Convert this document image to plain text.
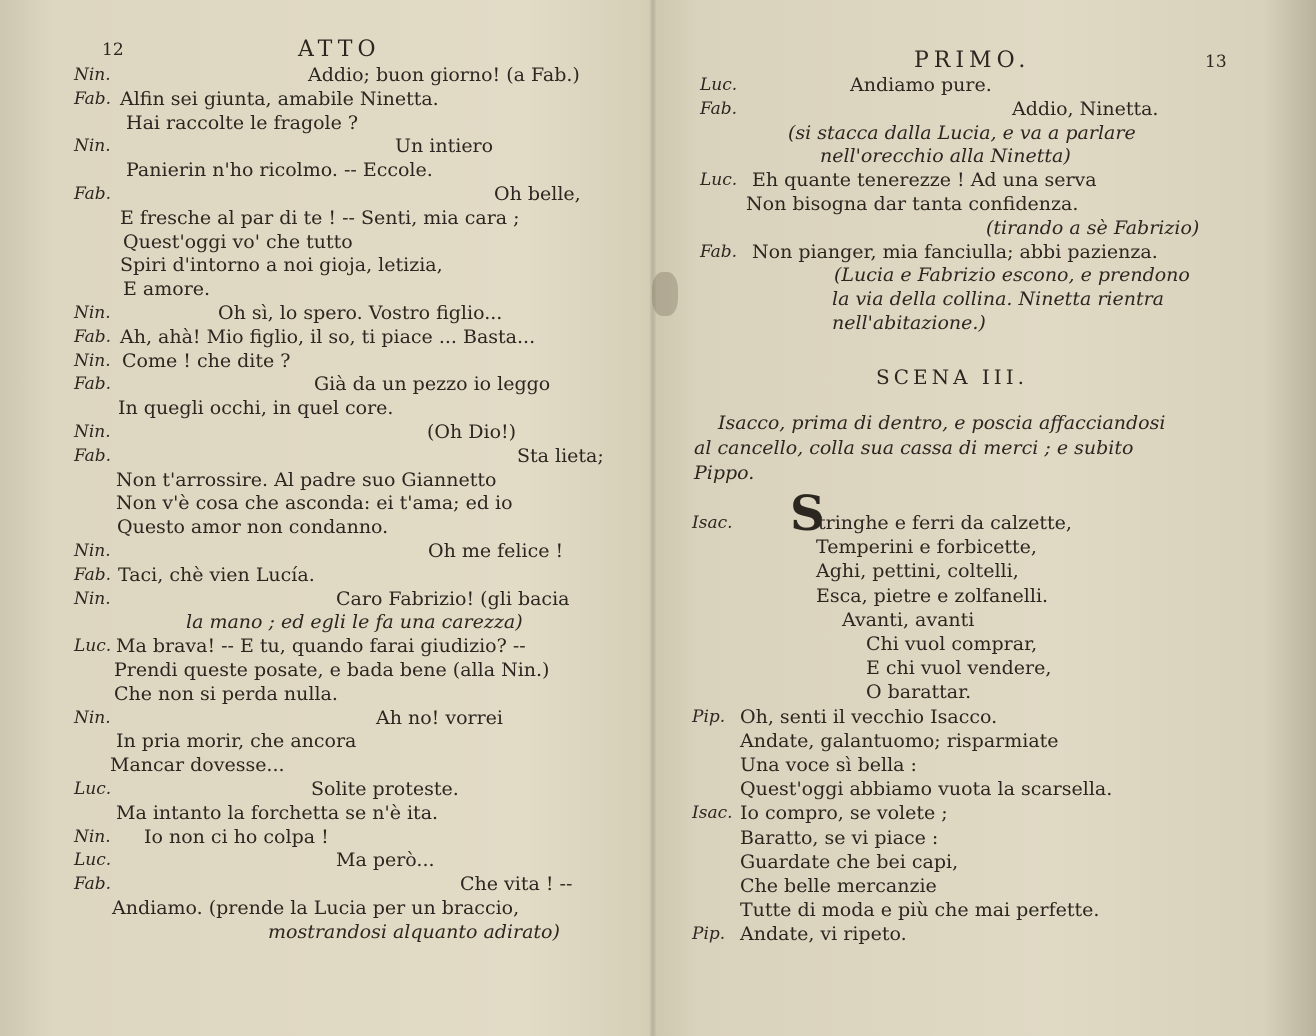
12	ATTO
Nin.	Addio; buon giorno! (a Fab.)
Fab. Alfin sei giunta, amabile Ninetta.
Hai raccolte le fragole ?
Nin.	Un intiero
Panierin n'ho ricolmo. -- Eccole.
Fab.	Oh belle,
E fresche al par di te ! -- Senti, mia cara ;
Quest'oggi vo' che tutto
Spiri d'intorno a noi gioja, letizia,
E amore.
Nin.	Oh sì, lo spero. Vostro figlio...
Fab. Ah, ahà! Mio figlio, il so, ti piace ... Basta...
Nin. Come ! che dite ?
Fab.	Già da un pezzo io leggo
In quegli occhi, in quel core.
Nin.	(Oh Dio!)
Fab.	Sta lieta;
Non t'arrossire. Al padre suo Giannetto
Non v'è cosa che asconda: ei t'ama; ed io
Questo amor non condanno.
Nin.	Oh me felice !
Fab. Taci, chè vien Lucía.
Nin.	Caro Fabrizio! (gli bacia
la mano ; ed egli le fa una carezza)
Luc. Ma brava! -- E tu, quando farai giudizio? --
Prendi queste posate, e bada bene (alla Nin.)
Che non si perda nulla.
Nin.	Ah no! vorrei
In pria morir, che ancora
Mancar dovesse...
Luc.	Solite proteste.
Ma intanto la forchetta se n'è ita.
Nin. Io non ci ho colpa !
Luc.	Ma però...
Fab.	Che vita ! --
Andiamo. (prende la Lucia per un braccio,
mostrandosi alquanto adirato)
PRIMO.	13
Luc.	Andiamo pure.
Fab.	Addio, Ninetta.
(si stacca dalla Lucia, e va a parlare
nell'orecchio alla Ninetta)
Luc. Eh quante tenerezze ! Ad una serva
Non bisogna dar tanta confidenza.
(tirando a sè Fabrizio)
Fab. Non pianger, mia fanciulla; abbi pazienza.
(Lucia e Fabrizio escono, e prendono
la via della collina. Ninetta rientra
nell'abitazione.)
SCENA III.
Isacco, prima di dentro, e poscia affacciandosi
al cancello, colla sua cassa di merci ; e subito
Pippo.
S
Isac.	tringhe e ferri da calzette,
Temperini e forbicette,
Aghi, pettini, coltelli,
Esca, pietre e zolfanelli.
Avanti, avanti
Chi vuol comprar,
E chi vuol vendere,
O barattar.
Pip. Oh, senti il vecchio Isacco.
Andate, galantuomo; risparmiate
Una voce sì bella :
Quest'oggi abbiamo vuota la scarsella.
Isac. Io compro, se volete ;
Baratto, se vi piace :
Guardate che bei capi,
Che belle mercanzie
Tutte di moda e più che mai perfette.
Pip. Andate, vi ripeto.
